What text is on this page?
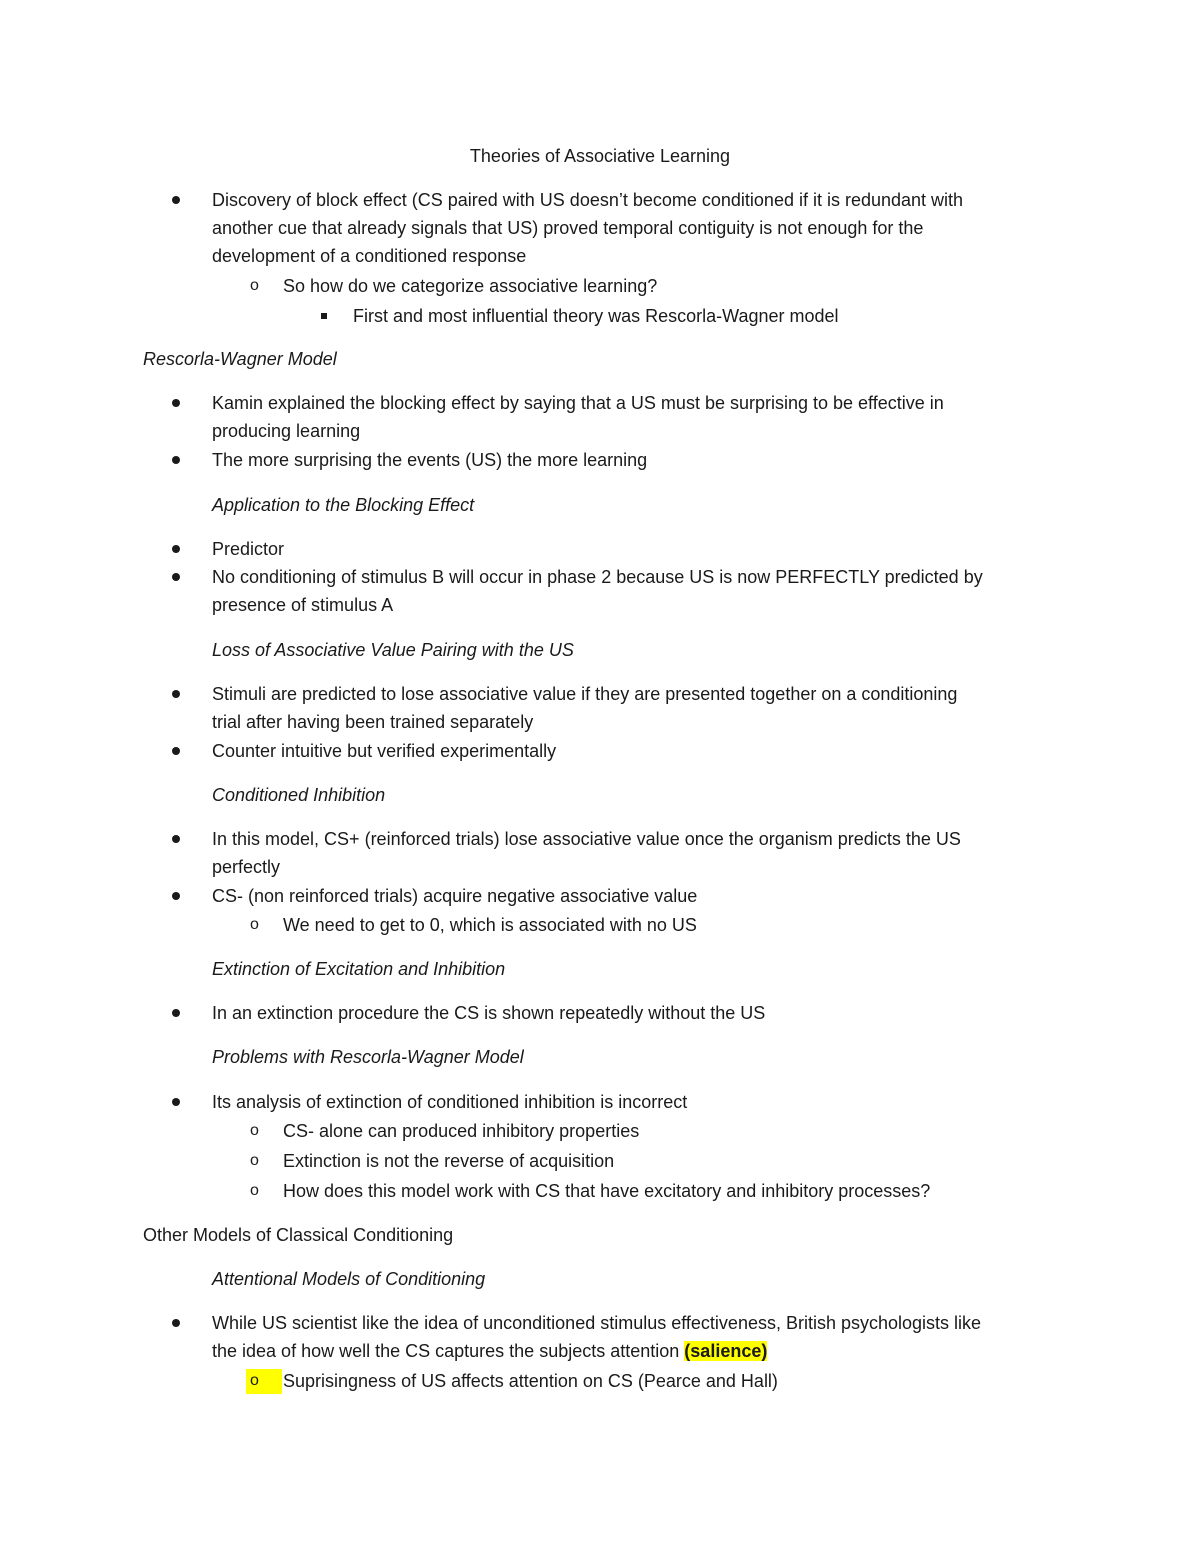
Theories of Associative Learning
Discovery of block effect (CS paired with US doesn’t become conditioned if it is redundant with
another cue that already signals that US) proved temporal contiguity is not enough for the
development of a conditioned response
o So how do we categorize associative learning?
First and most influential theory was Rescorla-Wagner model
Rescorla-Wagner Model
Kamin explained the blocking effect by saying that a US must be surprising to be effective in
producing learning
The more surprising the events (US) the more learning
Application to the Blocking Effect
Predictor
No conditioning of stimulus B will occur in phase 2 because US is now PERFECTLY predicted by
presence of stimulus A
Loss of Associative Value Pairing with the US
Stimuli are predicted to lose associative value if they are presented together on a conditioning
trial after having been trained separately
Counter intuitive but verified experimentally
Conditioned Inhibition
In this model, CS+ (reinforced trials) lose associative value once the organism predicts the US
perfectly
CS- (non reinforced trials) acquire negative associative value
o We need to get to 0, which is associated with no US
Extinction of Excitation and Inhibition
In an extinction procedure the CS is shown repeatedly without the US
Problems with Rescorla-Wagner Model
Its analysis of extinction of conditioned inhibition is incorrect
o CS- alone can produced inhibitory properties
o Extinction is not the reverse of acquisition
o How does this model work with CS that have excitatory and inhibitory processes?
Other Models of Classical Conditioning
Attentional Models of Conditioning
While US scientist like the idea of unconditioned stimulus effectiveness, British psychologists like
the idea of how well the CS captures the subjects attention (salience)
o Suprisingness of US affects attention on CS (Pearce and Hall)
